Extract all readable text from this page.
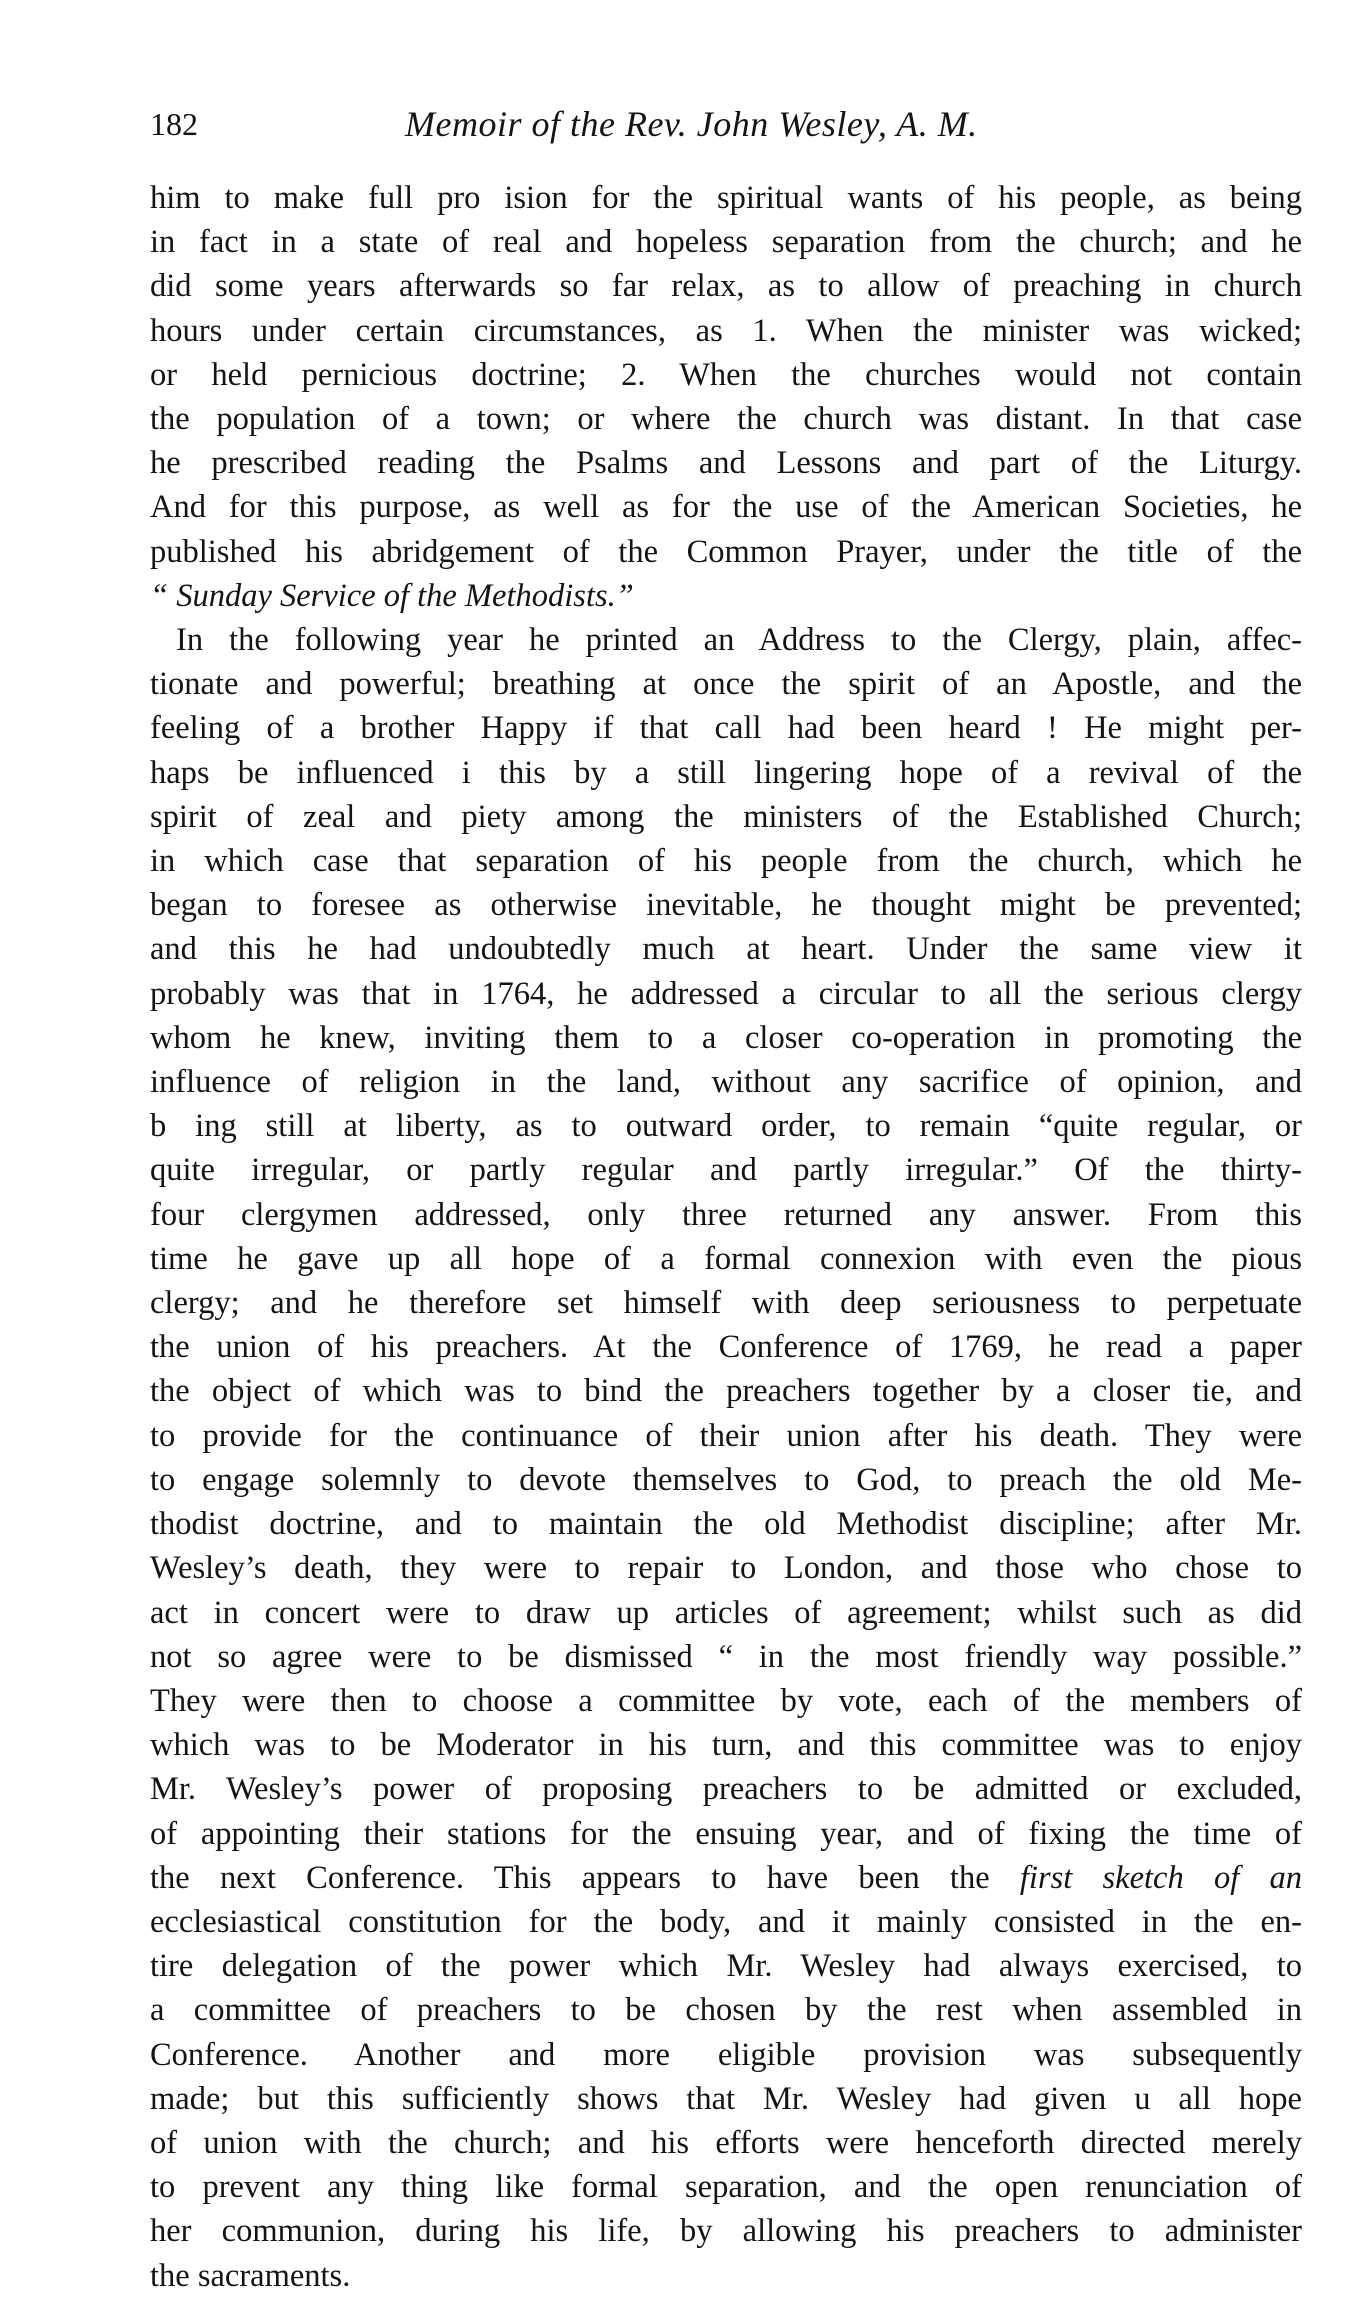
182	Memoir of the Rev. John Wesley, A. M.
him to make full pro ision for the spiritual wants of his people, as being
in fact in a state of real and hopeless separation from the church; and he
did some years afterwards so far relax, as to allow of preaching in church
hours under certain circumstances, as 1. When the minister was wicked;
or held pernicious doctrine; 2. When the churches would not contain
the population of a town; or where the church was distant. In that case
he prescribed reading the Psalms and Lessons and part of the Liturgy.
And for this purpose, as well as for the use of the American Societies, he
published his abridgement of the Common Prayer, under the title of the
“ Sunday Service of the Methodists.”
In the following year he printed an Address to the Clergy, plain, affec-
tionate and powerful; breathing at once the spirit of an Apostle, and the
feeling of a brother Happy if that call had been heard ! He might per-
haps be influenced i this by a still lingering hope of a revival of the
spirit of zeal and piety among the ministers of the Established Church;
in which case that separation of his people from the church, which he
began to foresee as otherwise inevitable, he thought might be prevented;
and this he had undoubtedly much at heart. Under the same view it
probably was that in 1764, he addressed a circular to all the serious clergy
whom he knew, inviting them to a closer co-operation in promoting the
influence of religion in the land, without any sacrifice of opinion, and
b ing still at liberty, as to outward order, to remain “quite regular, or
quite irregular, or partly regular and partly irregular.” Of the thirty-
four clergymen addressed, only three returned any answer. From this
time he gave up all hope of a formal connexion with even the pious
clergy; and he therefore set himself with deep seriousness to perpetuate
the union of his preachers. At the Conference of 1769, he read a paper
the object of which was to bind the preachers together by a closer tie, and
to provide for the continuance of their union after his death. They were
to engage solemnly to devote themselves to God, to preach the old Me-
thodist doctrine, and to maintain the old Methodist discipline; after Mr.
Wesley’s death, they were to repair to London, and those who chose to
act in concert were to draw up articles of agreement; whilst such as did
not so agree were to be dismissed “ in the most friendly way possible.”
They were then to choose a committee by vote, each of the members of
which was to be Moderator in his turn, and this committee was to enjoy
Mr. Wesley’s power of proposing preachers to be admitted or excluded,
of appointing their stations for the ensuing year, and of fixing the time of
the next Conference. This appears to have been the first sketch of an
ecclesiastical constitution for the body, and it mainly consisted in the en-
tire delegation of the power which Mr. Wesley had always exercised, to
a committee of preachers to be chosen by the rest when assembled in
Conference. Another and more eligible provision was subsequently
made; but this sufficiently shows that Mr. Wesley had given u all hope
of union with the church; and his efforts were henceforth directed merely
to prevent any thing like formal separation, and the open renunciation of
her communion, during his life, by allowing his preachers to administer
the sacraments.
